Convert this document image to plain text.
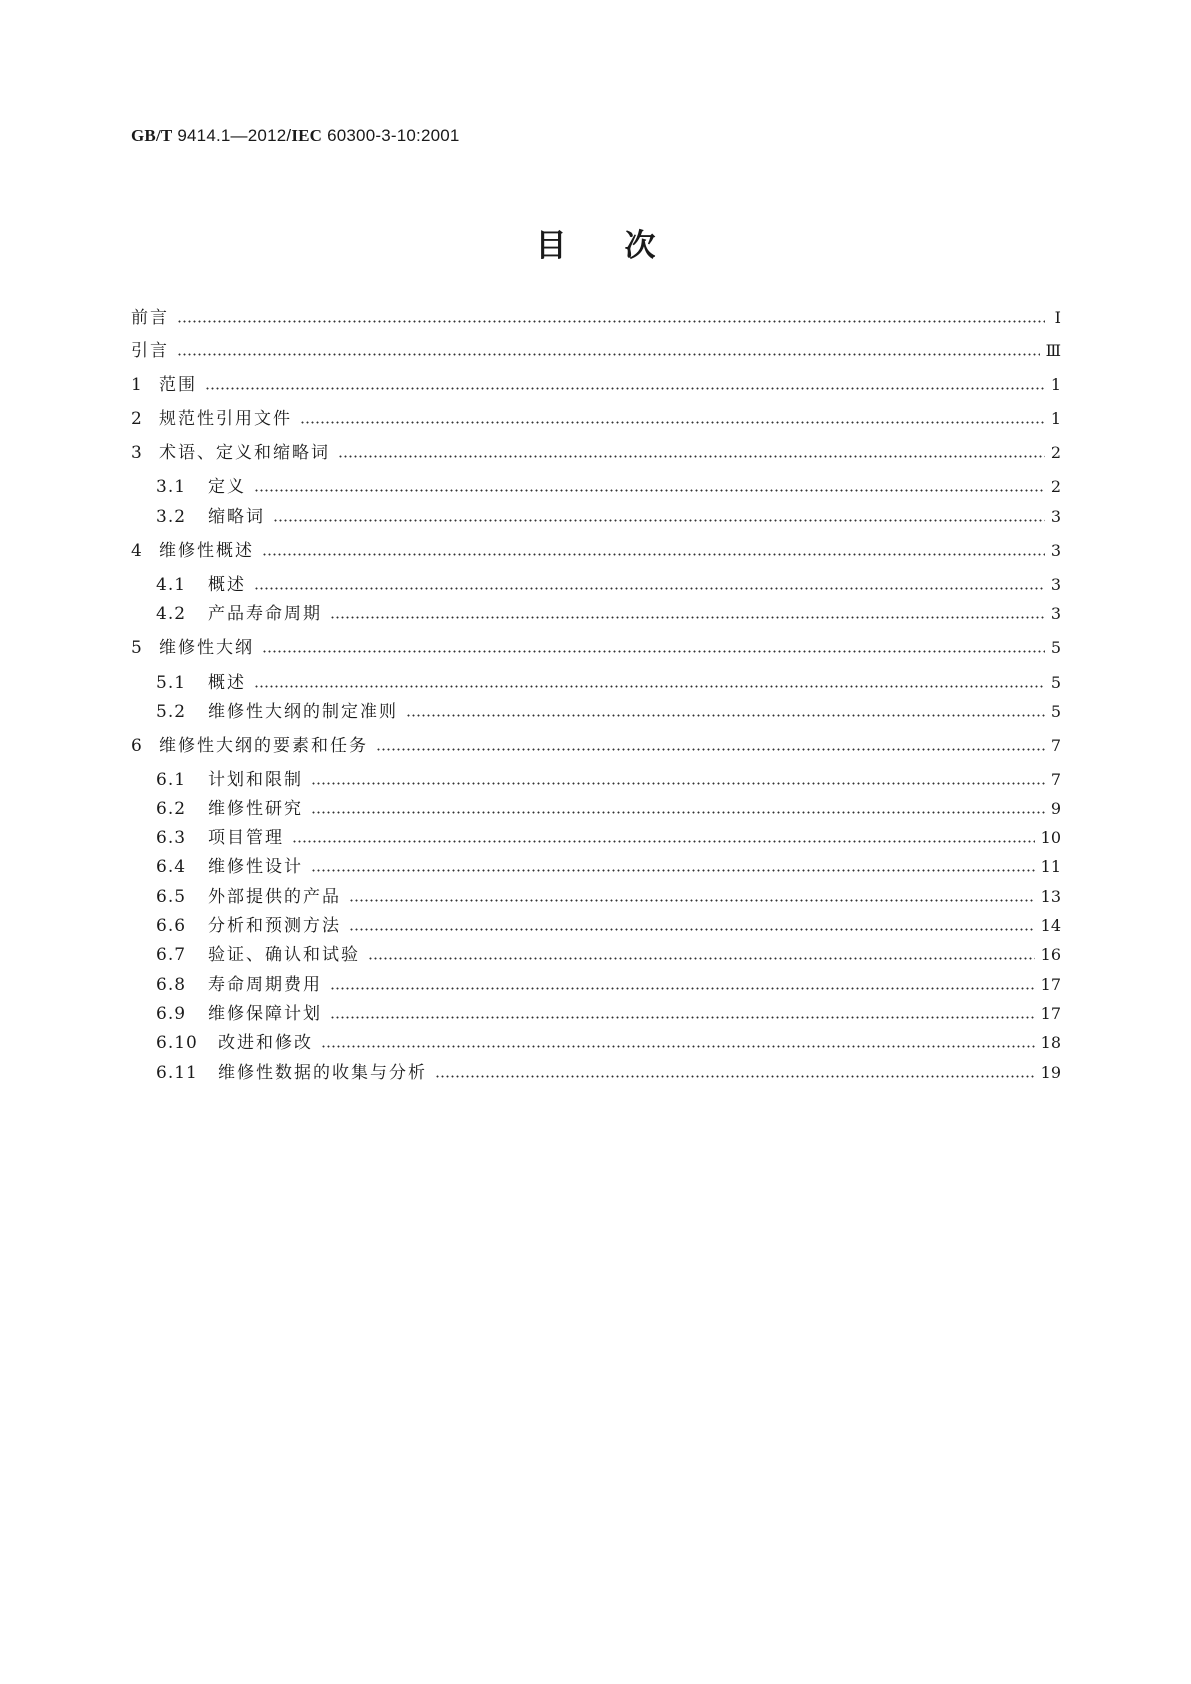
GB/T 9414.1—2012/IEC 60300-3-10:2001
目次
前言	Ⅰ
引言	Ⅲ
1 范围	1
2 规范性引用文件	1
3 术语、定义和缩略词	2
3.1	定义	2
3.2	缩略词	3
4 维修性概述	3
4.1	概述	3
4.2	产品寿命周期	3
5 维修性大纲	5
5.1	概述	5
5.2	维修性大纲的制定准则	5
6 维修性大纲的要素和任务	7
6.1	计划和限制	7
6.2	维修性研究	9
6.3	项目管理	10
6.4	维修性设计	11
6.5	外部提供的产品	13
6.6	分析和预测方法	14
6.7	验证、确认和试验	16
6.8	寿命周期费用	17
6.9	维修保障计划	17
6.10	改进和修改	18
6.11	维修性数据的收集与分析	19
